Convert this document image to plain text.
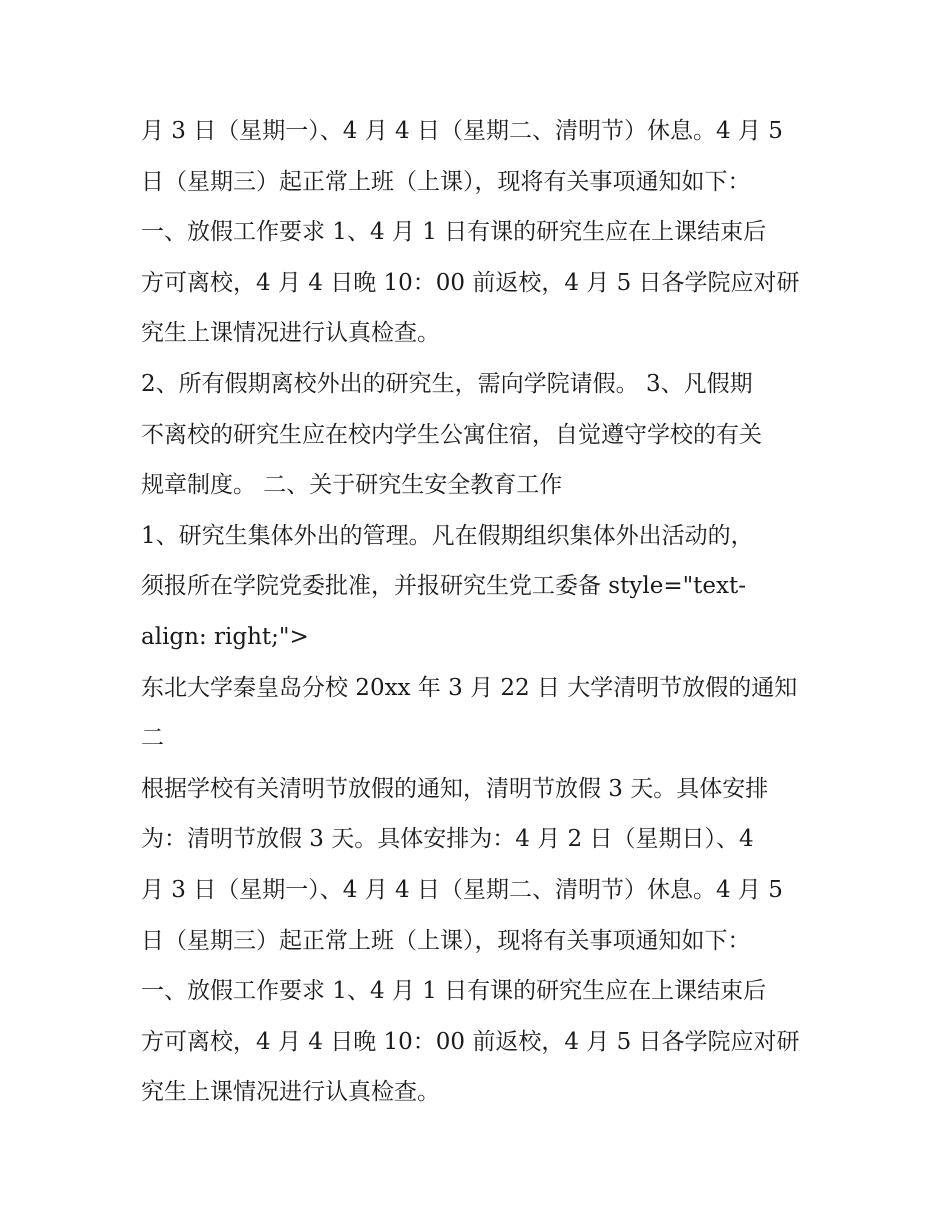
月 3 日（星期一）、4 月 4 日（星期二、清明节）休息。4 月 5

日（星期三）起正常上班（上课），现将有关事项通知如下：

一、放假工作要求 1、4 月 1 日有课的研究生应在上课结束后

方可离校，4 月 4 日晚 10：00 前返校，4 月 5 日各学院应对研

究生上课情况进行认真检查。

2、所有假期离校外出的研究生，需向学院请假。 3、凡假期

不离校的研究生应在校内学生公寓住宿，自觉遵守学校的有关

规章制度。 二、关于研究生安全教育工作

1、研究生集体外出的管理。凡在假期组织集体外出活动的，

须报所在学院党委批准，并报研究生党工委备 style="text-

align: right;">

东北大学秦皇岛分校 20xx 年 3 月 22 日 大学清明节放假的通知

二

根据学校有关清明节放假的通知，清明节放假 3 天。具体安排

为：清明节放假 3 天。具体安排为：4 月 2 日（星期日）、4

月 3 日（星期一）、4 月 4 日（星期二、清明节）休息。4 月 5

日（星期三）起正常上班（上课），现将有关事项通知如下：

一、放假工作要求 1、4 月 1 日有课的研究生应在上课结束后

方可离校，4 月 4 日晚 10：00 前返校，4 月 5 日各学院应对研

究生上课情况进行认真检查。
